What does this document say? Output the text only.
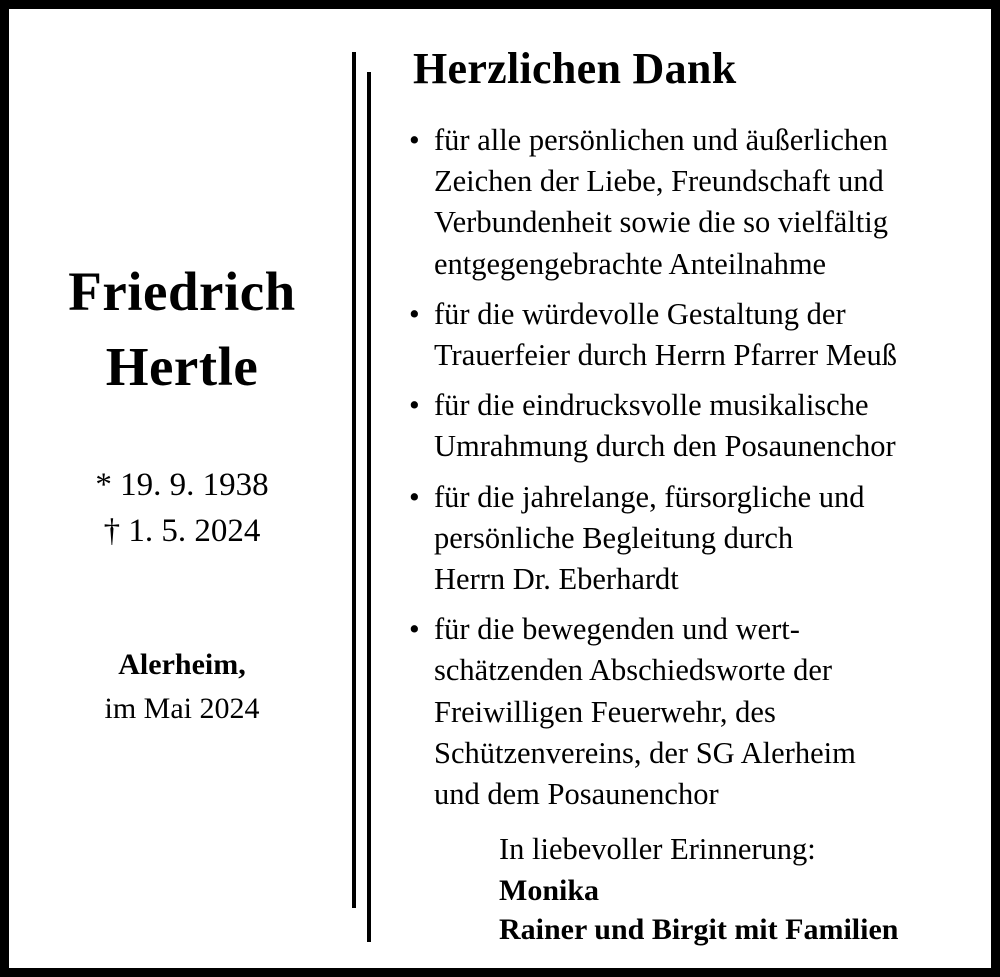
Friedrich
Hertle
* 19. 9. 1938
† 1. 5. 2024
Alerheim,
im Mai 2024
Herzlichen Dank
• für alle persönlichen und äußerlichen
Zeichen der Liebe, Freundschaft und
Verbundenheit sowie die so vielfältig
entgegengebrachte Anteilnahme
• für die würdevolle Gestaltung der
Trauerfeier durch Herrn Pfarrer Meuß
• für die eindrucksvolle musikalische
Umrahmung durch den Posaunenchor
• für die jahrelange, fürsorgliche und
persönliche Begleitung durch
Herrn Dr. Eberhardt
• für die bewegenden und wert-
schätzenden Abschiedsworte der
Freiwilligen Feuerwehr, des
Schützenvereins, der SG Alerheim
und dem Posaunenchor
In liebevoller Erinnerung:
Monika
Rainer und Birgit mit Familien
